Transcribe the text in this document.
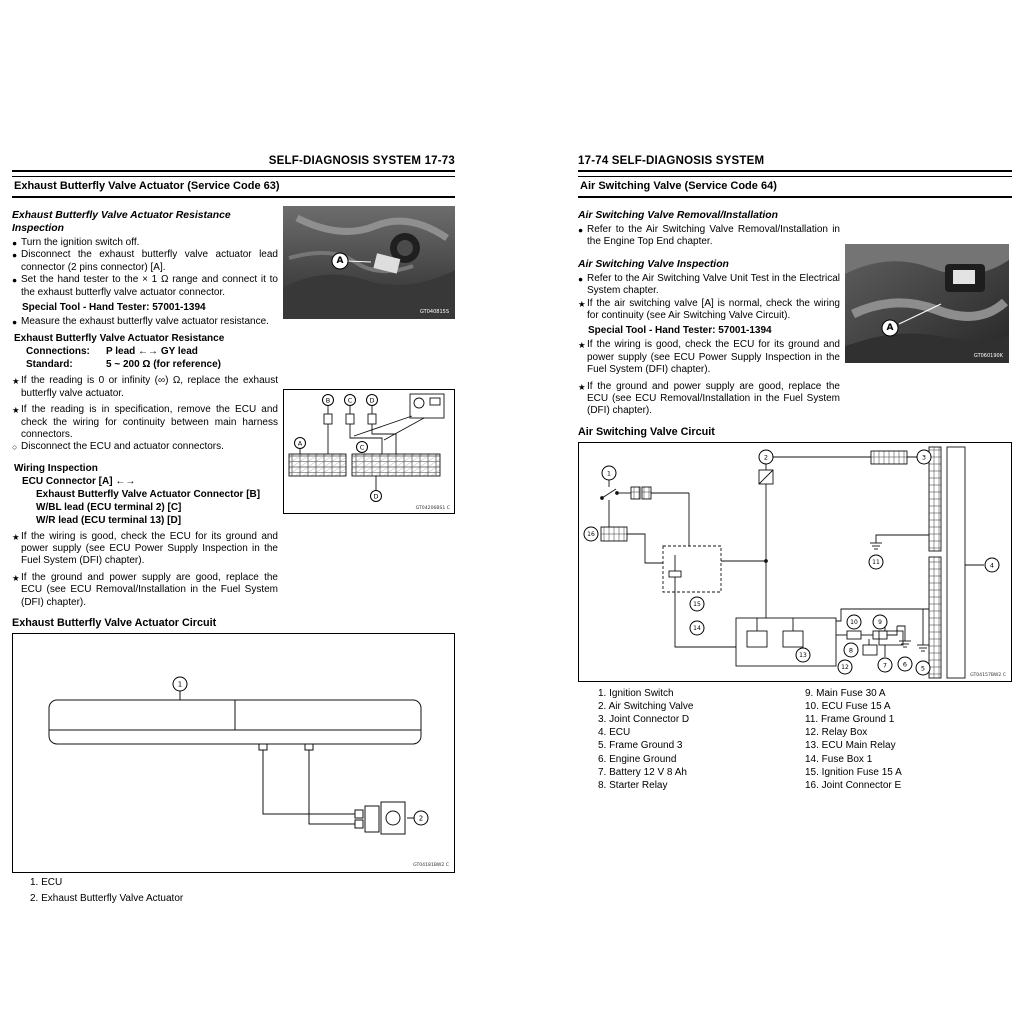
SELF-DIAGNOSIS SYSTEM 17-73
Exhaust Butterfly Valve Actuator (Service Code 63)
Exhaust Butterfly Valve Actuator Resistance Inspection
● Turn the ignition switch off.
● Disconnect the exhaust butterfly valve actuator lead connector (2 pins connector) [A].
● Set the hand tester to the × 1 Ω range and connect it to the exhaust butterfly valve actuator connector.
Special Tool - Hand Tester: 57001-1394
● Measure the exhaust butterfly valve actuator resistance.
Exhaust Butterfly Valve Actuator Resistance
Connections:	P lead ←→ GY lead
Standard:	5 ~ 200 Ω (for reference)
★ If the reading is 0 or infinity (∞) Ω, replace the exhaust butterfly valve actuator.
★ If the reading is in specification, remove the ECU and check the wiring for continuity between main harness connectors.
○ Disconnect the ECU and actuator connectors.
Wiring Inspection
ECU Connector [A] ←→
Exhaust Butterfly Valve Actuator Connector [B]
W/BL lead (ECU terminal 2) [C]
W/R lead (ECU terminal 13) [D]
★ If the wiring is good, check the ECU for its ground and power supply (see ECU Power Supply Inspection in the Fuel System (DFI) chapter).
★ If the ground and power supply are good, replace the ECU (see ECU Removal/Installation in the Fuel System (DFI) chapter).
A
GT040815S
B	C	D
A	C
D
GT04206BS1 C
Exhaust Butterfly Valve Actuator Circuit
1
2
GT04181BW2 C
1. ECU
2. Exhaust Butterfly Valve Actuator
17-74 SELF-DIAGNOSIS SYSTEM
Air Switching Valve (Service Code 64)
Air Switching Valve Removal/Installation
● Refer to the Air Switching Valve Removal/Installation in the Engine Top End chapter.
Air Switching Valve Inspection
● Refer to the Air Switching Valve Unit Test in the Electrical System chapter.
★ If the air switching valve [A] is normal, check the wiring for continuity (see Air Switching Valve Circuit).
Special Tool - Hand Tester: 57001-1394
★ If the wiring is good, check the ECU for its ground and power supply (see ECU Power Supply Inspection in the Fuel System (DFI) chapter).
★ If the ground and power supply are good, replace the ECU (see ECU Removal/Installation in the Fuel System (DFI) chapter).
A
GT060190K
Air Switching Valve Circuit
1
2	3
4
5
6
7
8
9
10
11
12
13
14
15
16
GT04157BW2 C
1. Ignition Switch
2. Air Switching Valve
3. Joint Connector D
4. ECU
5. Frame Ground 3
6. Engine Ground
7. Battery 12 V 8 Ah
8. Starter Relay
9. Main Fuse 30 A
10. ECU Fuse 15 A
11. Frame Ground 1
12. Relay Box
13. ECU Main Relay
14. Fuse Box 1
15. Ignition Fuse 15 A
16. Joint Connector E
